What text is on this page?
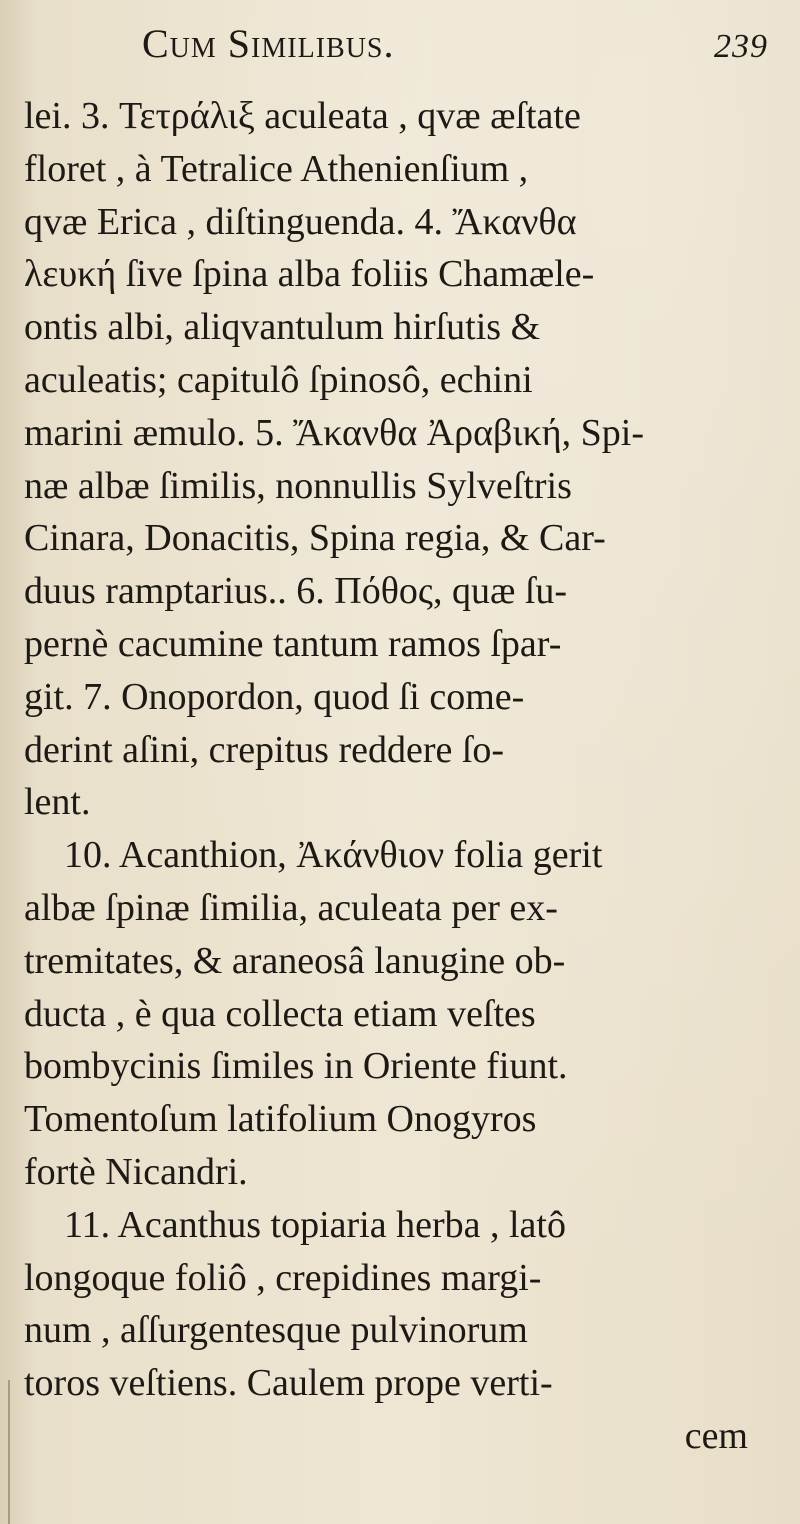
Cum Similibus.	239
lei. 3. Τετράλιξ aculeata , qvæ æſtate
floret , à Tetralice Athenienſium ,
qvæ Erica , diſtinguenda. 4. Ἄκανθα
λευκή ſive ſpina alba foliis Chamæle-
ontis albi, aliqvantulum hirſutis &
aculeatis; capitulô ſpinosô, echini
marini æmulo. 5. Ἄκανθα Ἀραβική, Spi-
næ albæ ſimilis, nonnullis Sylveſtris
Cinara, Donacitis, Spina regia, & Car-
duus ramptarius.. 6. Πόθος, quæ ſu-
pernè cacumine tantum ramos ſpar-
git. 7. Onopordon, quod ſi come-
derint aſini, crepitus reddere ſo-
lent.
10. Acanthion, Ἀκάνθιον folia gerit
albæ ſpinæ ſimilia, aculeata per ex-
tremitates, & araneosâ lanugine ob-
ducta , è qua collecta etiam veſtes
bombycinis ſimiles in Oriente fiunt.
Tomentoſum latifolium Onogyros
fortè Nicandri.
11. Acanthus topiaria herba , latô
longoque foliô , crepidines margi-
num , aſſurgentesque pulvinorum
toros veſtiens. Caulem prope verti-
cem
